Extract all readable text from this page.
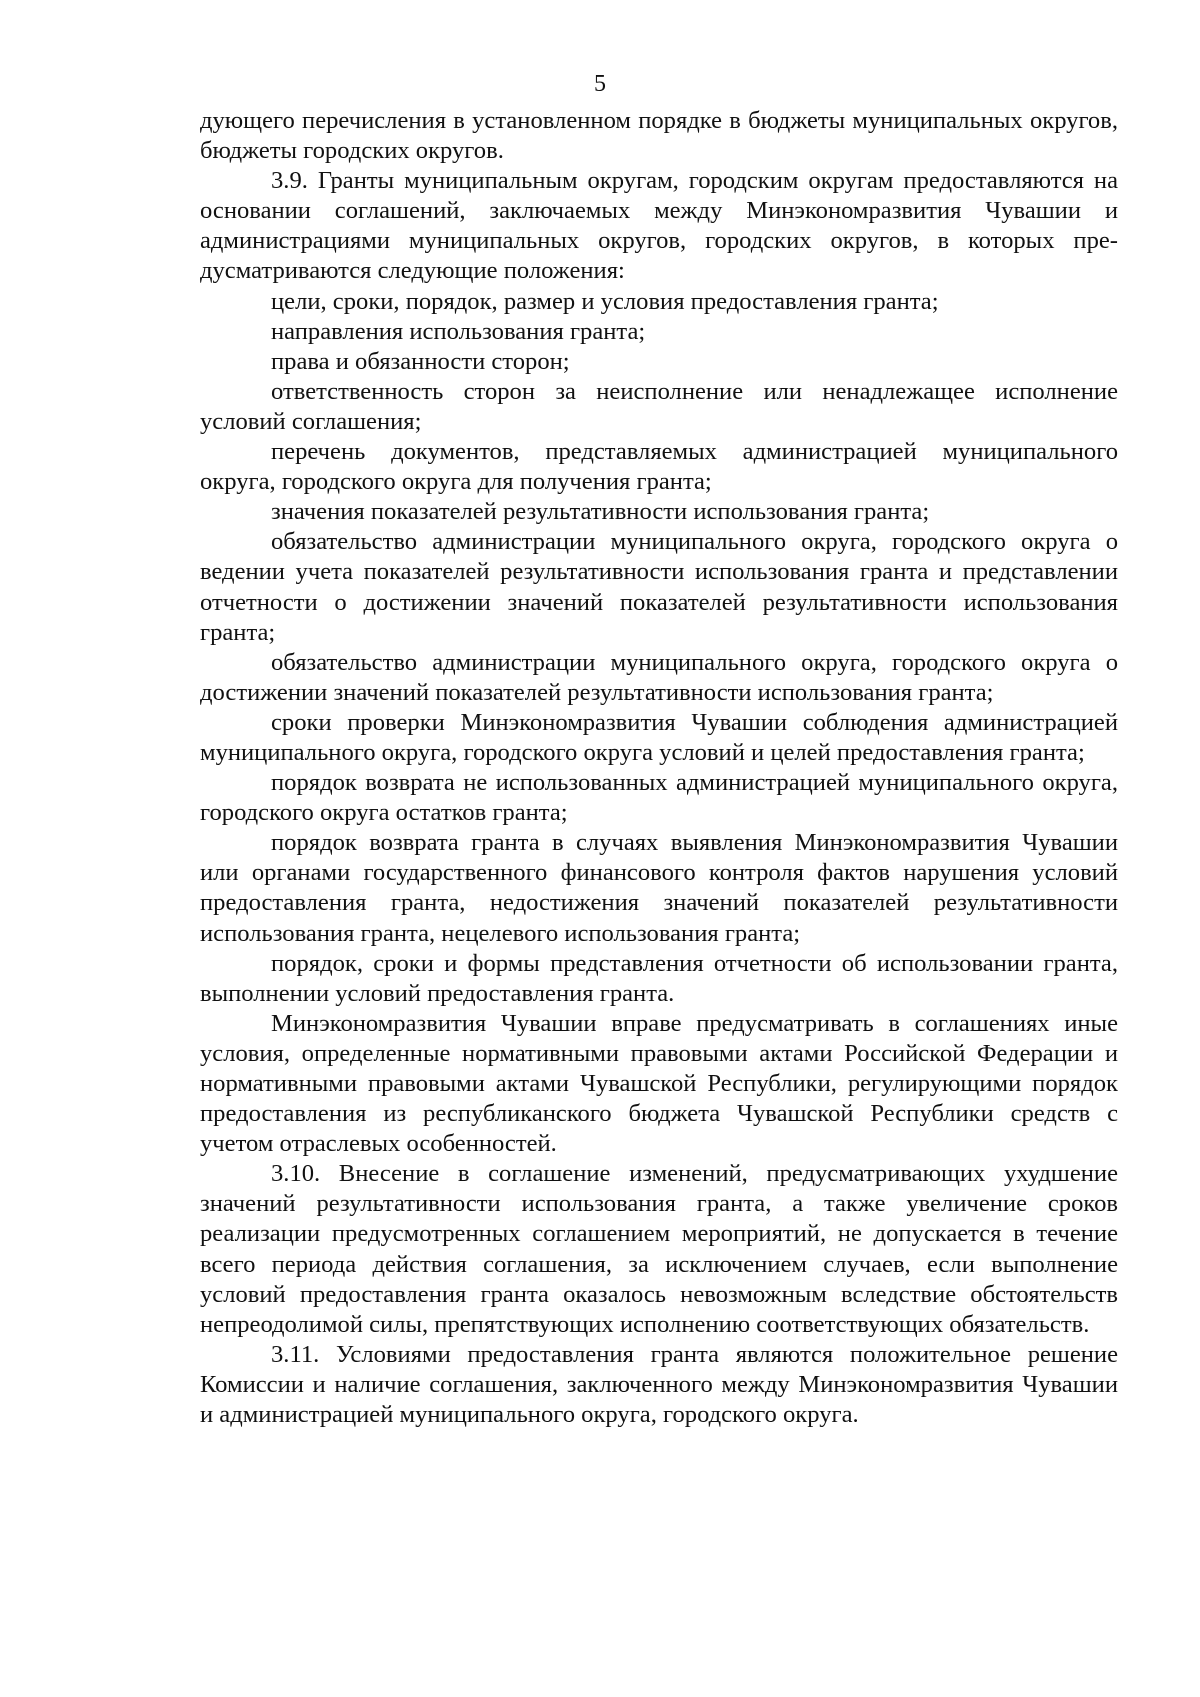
5

дующего перечисления в установленном порядке в бюджеты муниципальных округов, бюджеты городских округов.

3.9. Гранты муниципальным округам, городским округам предоставляются на основании соглашений, заключаемых между Минэкономразвития Чувашии и администрациями муниципальных округов, городских округов, в которых предусматриваются следующие положения:

цели, сроки, порядок, размер и условия предоставления гранта;

направления использования гранта;

права и обязанности сторон;

ответственность сторон за неисполнение или ненадлежащее исполнение условий соглашения;

перечень документов, представляемых администрацией муниципального округа, городского округа для получения гранта;

значения показателей результативности использования гранта;

обязательство администрации муниципального округа, городского округа о ведении учета показателей результативности использования гранта и представлении отчетности о достижении значений показателей результативности использования гранта;

обязательство администрации муниципального округа, городского округа о достижении значений показателей результативности использования гранта;

сроки проверки Минэкономразвития Чувашии соблюдения администрацией муниципального округа, городского округа условий и целей предоставления гранта;

порядок возврата не использованных администрацией муниципального округа, городского округа остатков гранта;

порядок возврата гранта в случаях выявления Минэкономразвития Чувашии или органами государственного финансового контроля фактов нарушения условий предоставления гранта, недостижения значений показателей результативности использования гранта, нецелевого использования гранта;

порядок, сроки и формы представления отчетности об использовании гранта, выполнении условий предоставления гранта.

Минэкономразвития Чувашии вправе предусматривать в соглашениях иные условия, определенные нормативными правовыми актами Российской Федерации и нормативными правовыми актами Чувашской Республики, регулирующими порядок предоставления из республиканского бюджета Чувашской Республики средств с учетом отраслевых особенностей.

3.10. Внесение в соглашение изменений, предусматривающих ухудшение значений результативности использования гранта, а также увеличение сроков реализации предусмотренных соглашением мероприятий, не допускается в течение всего периода действия соглашения, за исключением случаев, если выполнение условий предоставления гранта оказалось невозможным вследствие обстоятельств непреодолимой силы, препятствующих исполнению соответствующих обязательств.

3.11. Условиями предоставления гранта являются положительное решение Комиссии и наличие соглашения, заключенного между Минэкономразвития Чувашии и администрацией муниципального округа, городского округа.
